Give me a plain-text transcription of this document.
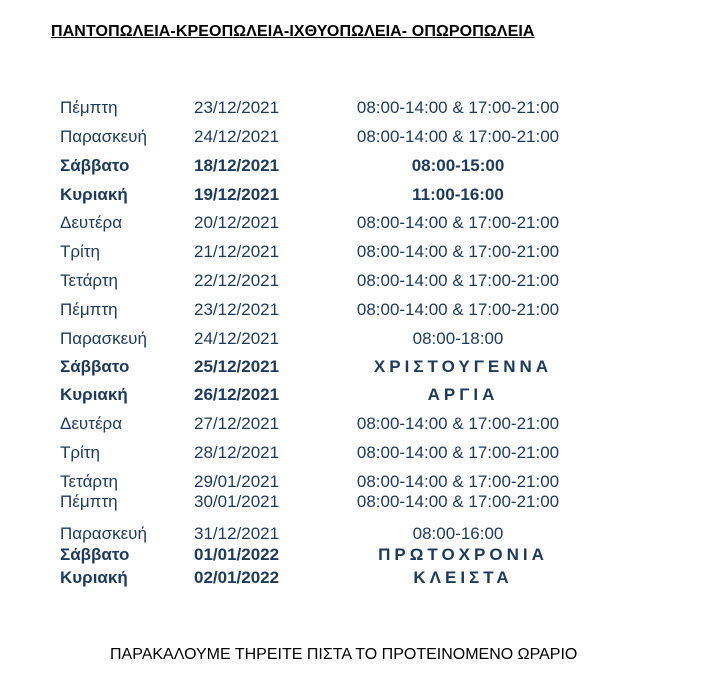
ΠΑΝΤΟΠΩΛΕΙΑ-ΚΡΕΟΠΩΛΕΙΑ-ΙΧΘΥΟΠΩΛΕΙΑ- ΟΠΩΡΟΠΩΛΕΙΑ
Πέμπτη	23/12/2021	08:00-14:00 & 17:00-21:00
Παρασκευή	24/12/2021	08:00-14:00 & 17:00-21:00
Σάββατο	18/12/2021	08:00-15:00
Κυριακή	19/12/2021	11:00-16:00
Δευτέρα	20/12/2021	08:00-14:00 & 17:00-21:00
Τρίτη	21/12/2021	08:00-14:00 & 17:00-21:00
Τετάρτη	22/12/2021	08:00-14:00 & 17:00-21:00
Πέμπτη	23/12/2021	08:00-14:00 & 17:00-21:00
Παρασκευή	24/12/2021	08:00-18:00
Σάββατο	25/12/2021	ΧΡΙΣΤΟΥΓΕΝΝΑ
Κυριακή	26/12/2021	ΑΡΓΙΑ
Δευτέρα	27/12/2021	08:00-14:00 & 17:00-21:00
Τρίτη	28/12/2021	08:00-14:00 & 17:00-21:00
Τετάρτη	29/01/2021	08:00-14:00 & 17:00-21:00
Πέμπτη	30/01/2021	08:00-14:00 & 17:00-21:00
Παρασκευή	31/12/2021	08:00-16:00
Σάββατο	01/01/2022	ΠΡΩΤΟΧΡΟΝΙΑ
Κυριακή	02/01/2022	ΚΛΕΙΣΤΑ
ΠΑΡΑΚΑΛΟΥΜΕ ΤΗΡΕΙΤΕ ΠΙΣΤΑ ΤΟ ΠΡΟΤΕΙΝΟΜΕΝΟ ΩΡΑΡΙΟ
